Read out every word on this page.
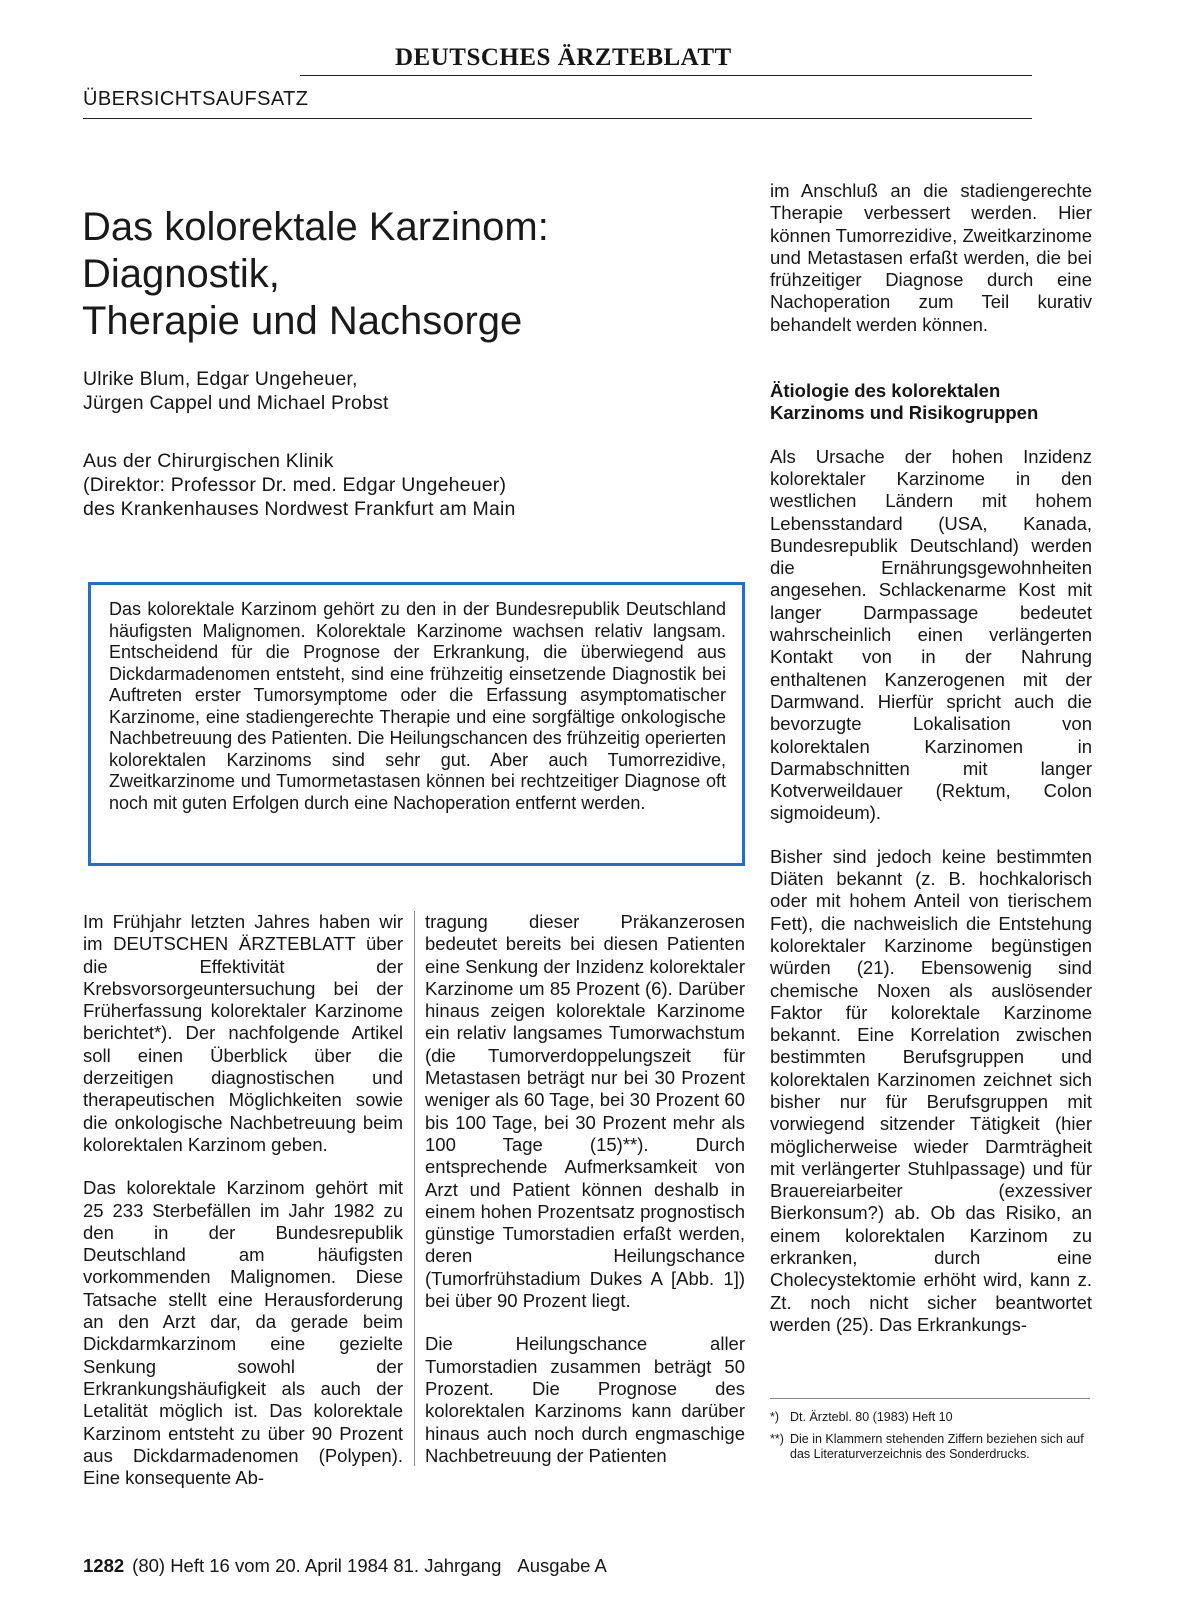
DEUTSCHES ÄRZTEBLATT
ÜBERSICHTSAUFSATZ
Das kolorektale Karzinom:
Diagnostik,
Therapie und Nachsorge
Ulrike Blum, Edgar Ungeheuer,
Jürgen Cappel und Michael Probst
Aus der Chirurgischen Klinik
(Direktor: Professor Dr. med. Edgar Ungeheuer)
des Krankenhauses Nordwest Frankfurt am Main

Das kolorektale Karzinom gehört zu den in der Bundesrepublik Deutschland häufigsten Malignomen. Kolorektale Karzinome wachsen relativ langsam. Entscheidend für die Prognose der Erkrankung, die überwiegend aus Dickdarmadenomen entsteht, sind eine frühzeitig einsetzende Diagnostik bei Auftreten erster Tumorsymptome oder die Erfassung asymptomatischer Karzinome, eine stadiengerechte Therapie und eine sorgfältige onkologische Nachbetreuung des Patienten. Die Heilungschancen des frühzeitig operierten kolorektalen Karzinoms sind sehr gut. Aber auch Tumorrezidive, Zweitkarzinome und Tumormetastasen können bei rechtzeitiger Diagnose oft noch mit guten Erfolgen durch eine Nachoperation entfernt werden.

Im Frühjahr letzten Jahres haben wir im DEUTSCHEN ÄRZTEBLATT über die Effektivität der Krebsvorsorgeuntersuchung bei der Früherfassung kolorektaler Karzinome berichtet*). Der nachfolgende Artikel soll einen Überblick über die derzeitigen diagnostischen und therapeutischen Möglichkeiten sowie die onkologische Nachbetreuung beim kolorektalen Karzinom geben.

Das kolorektale Karzinom gehört mit 25 233 Sterbefällen im Jahr 1982 zu den in der Bundesrepublik Deutschland am häufigsten vorkommenden Malignomen. Diese Tatsache stellt eine Herausforderung an den Arzt dar, da gerade beim Dickdarmkarzinom eine gezielte Senkung sowohl der Erkrankungshäufigkeit als auch der Letalität möglich ist. Das kolorektale Karzinom entsteht zu über 90 Prozent aus Dickdarmadenomen (Polypen). Eine konsequente Ab-

tragung dieser Präkanzerosen bedeutet bereits bei diesen Patienten eine Senkung der Inzidenz kolorektaler Karzinome um 85 Prozent (6). Darüber hinaus zeigen kolorektale Karzinome ein relativ langsames Tumorwachstum (die Tumorverdoppelungszeit für Metastasen beträgt nur bei 30 Prozent weniger als 60 Tage, bei 30 Prozent 60 bis 100 Tage, bei 30 Prozent mehr als 100 Tage (15)**). Durch entsprechende Aufmerksamkeit von Arzt und Patient können deshalb in einem hohen Prozentsatz prognostisch günstige Tumorstadien erfaßt werden, deren Heilungschance (Tumorfrühstadium Dukes A [Abb. 1]) bei über 90 Prozent liegt.

Die Heilungschance aller Tumorstadien zusammen beträgt 50 Prozent. Die Prognose des kolorektalen Karzinoms kann darüber hinaus auch noch durch engmaschige Nachbetreuung der Patienten

im Anschluß an die stadiengerechte Therapie verbessert werden. Hier können Tumorrezidive, Zweitkarzinome und Metastasen erfaßt werden, die bei frühzeitiger Diagnose durch eine Nachoperation zum Teil kurativ behandelt werden können.

Ätiologie des kolorektalen
Karzinoms und Risikogruppen

Als Ursache der hohen Inzidenz kolorektaler Karzinome in den westlichen Ländern mit hohem Lebensstandard (USA, Kanada, Bundesrepublik Deutschland) werden die Ernährungsgewohnheiten angesehen. Schlackenarme Kost mit langer Darmpassage bedeutet wahrscheinlich einen verlängerten Kontakt von in der Nahrung enthaltenen Kanzerogenen mit der Darmwand. Hierfür spricht auch die bevorzugte Lokalisation von kolorektalen Karzinomen in Darmabschnitten mit langer Kotverweildauer (Rektum, Colon sigmoideum).

Bisher sind jedoch keine bestimmten Diäten bekannt (z. B. hochkalorisch oder mit hohem Anteil von tierischem Fett), die nachweislich die Entstehung kolorektaler Karzinome begünstigen würden (21). Ebensowenig sind chemische Noxen als auslösender Faktor für kolorektale Karzinome bekannt. Eine Korrelation zwischen bestimmten Berufsgruppen und kolorektalen Karzinomen zeichnet sich bisher nur für Berufsgruppen mit vorwiegend sitzender Tätigkeit (hier möglicherweise wieder Darmträgheit mit verlängerter Stuhlpassage) und für Brauereiarbeiter (exzessiver Bierkonsum?) ab. Ob das Risiko, an einem kolorektalen Karzinom zu erkranken, durch eine Cholecystektomie erhöht wird, kann z. Zt. noch nicht sicher beantwortet werden (25). Das Erkrankungs-

*) Dt. Ärztebl. 80 (1983) Heft 10
**) Die in Klammern stehenden Ziffern beziehen sich auf das Literaturverzeichnis des Sonderdrucks.
1282 (80) Heft 16 vom 20. April 1984 81. Jahrgang Ausgabe A
